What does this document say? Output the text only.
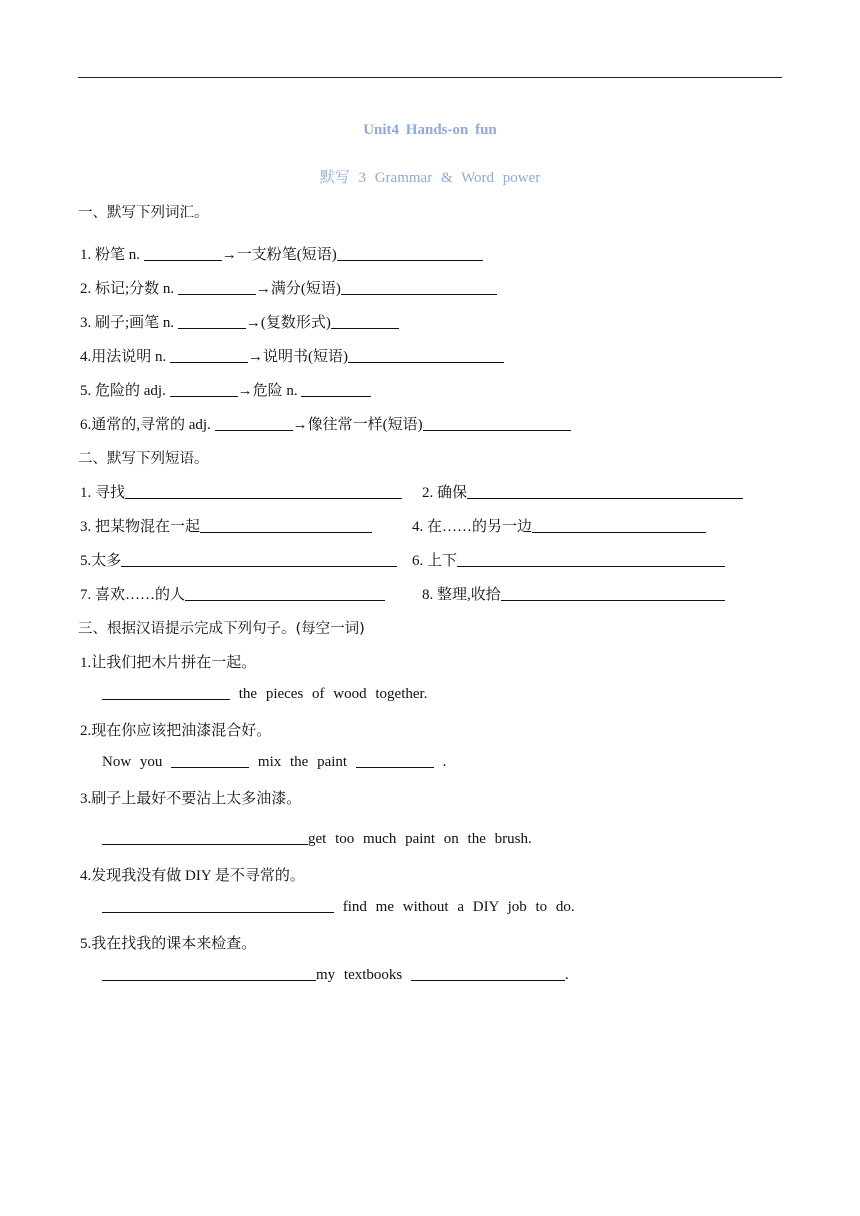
Unit4 Hands-on fun
默写 3 Grammar & Word power
一、默写下列词汇。
1. 粉笔 n.	→一支粉笔(短语)
2. 标记;分数 n.	→满分(短语)
3. 刷子;画笔 n.	→(复数形式)
4.用法说明 n.	→说明书(短语)
5. 危险的 adj.	→危险 n.
6.通常的,寻常的 adj.	→像往常一样(短语)
二、默写下列短语。
1. 寻找	2. 确保
3. 把某物混在一起	4. 在……的另一边
5.太多	6. 上下
7. 喜欢……的人	8. 整理,收拾
三、根据汉语提示完成下列句子。(每空一词)
1.让我们把木片拼在一起。
the pieces of wood together.
2.现在你应该把油漆混合好。
Now you	mix the paint	.
3.刷子上最好不要沾上太多油漆。
get too much paint on the brush.
4.发现我没有做 DIY 是不寻常的。
find me without a DIY job to do.
5.我在找我的课本来检查。
my textbooks	.
